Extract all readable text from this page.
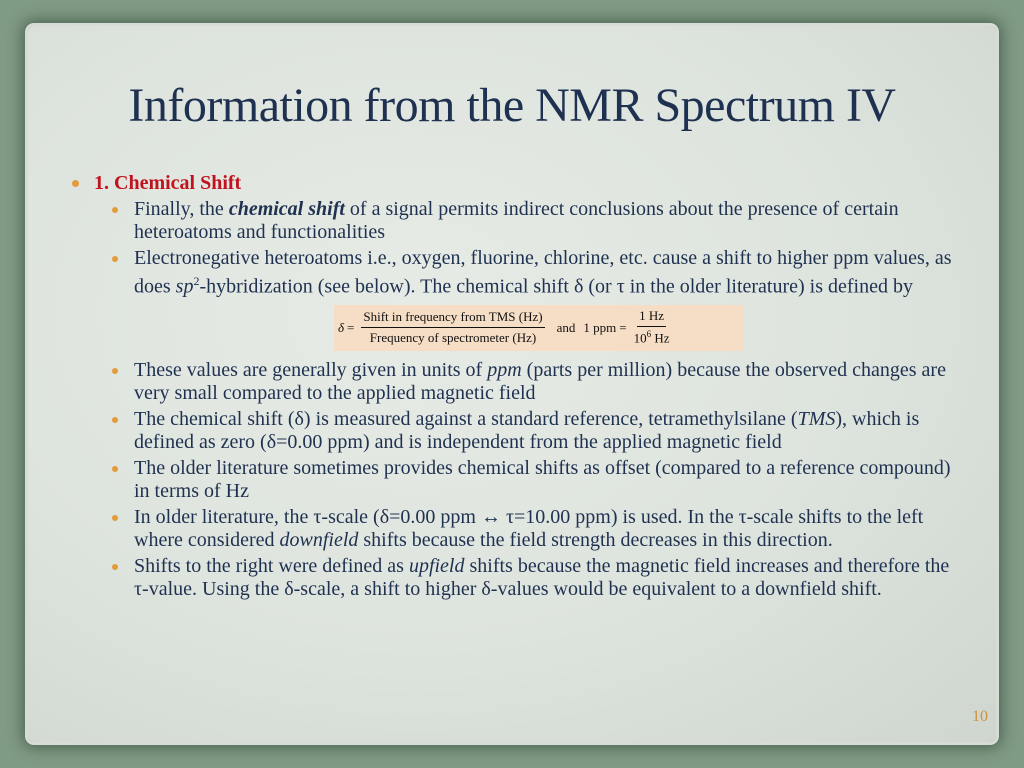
Information from the NMR Spectrum IV
1. Chemical Shift
Finally, the chemical shift of a signal permits indirect conclusions about the presence of certain heteroatoms and functionalities
Electronegative heteroatoms i.e., oxygen, fluorine, chlorine, etc. cause a shift to higher ppm values, as does $sp^2$-hybridization (see below). The chemical shift δ (or τ in the older literature) is defined by
$\delta = \frac{\text{Shift in frequency from TMS (Hz)}}{\text{Frequency of spectrometer (Hz)}}$ and 1 ppm = $\frac{1 Hz}{10^6 Hz}$
These values are generally given in units of ppm (parts per million) because the observed changes are very small compared to the applied magnetic field
The chemical shift (δ) is measured against a standard reference, tetramethylsilane (TMS), which is defined as zero (δ=0.00 ppm) and is independent from the applied magnetic field
The older literature sometimes provides chemical shifts as offset (compared to a reference compound) in terms of Hz
In older literature, the τ-scale (δ=0.00 ppm ↔ τ=10.00 ppm) is used. In the τ-scale shifts to the left where considered downfield shifts because the field strength decreases in this direction.
Shifts to the right were defined as upfield shifts because the magnetic field increases and therefore the τ-value. Using the δ-scale, a shift to higher δ-values would be equivalent to a downfield shift.
10
